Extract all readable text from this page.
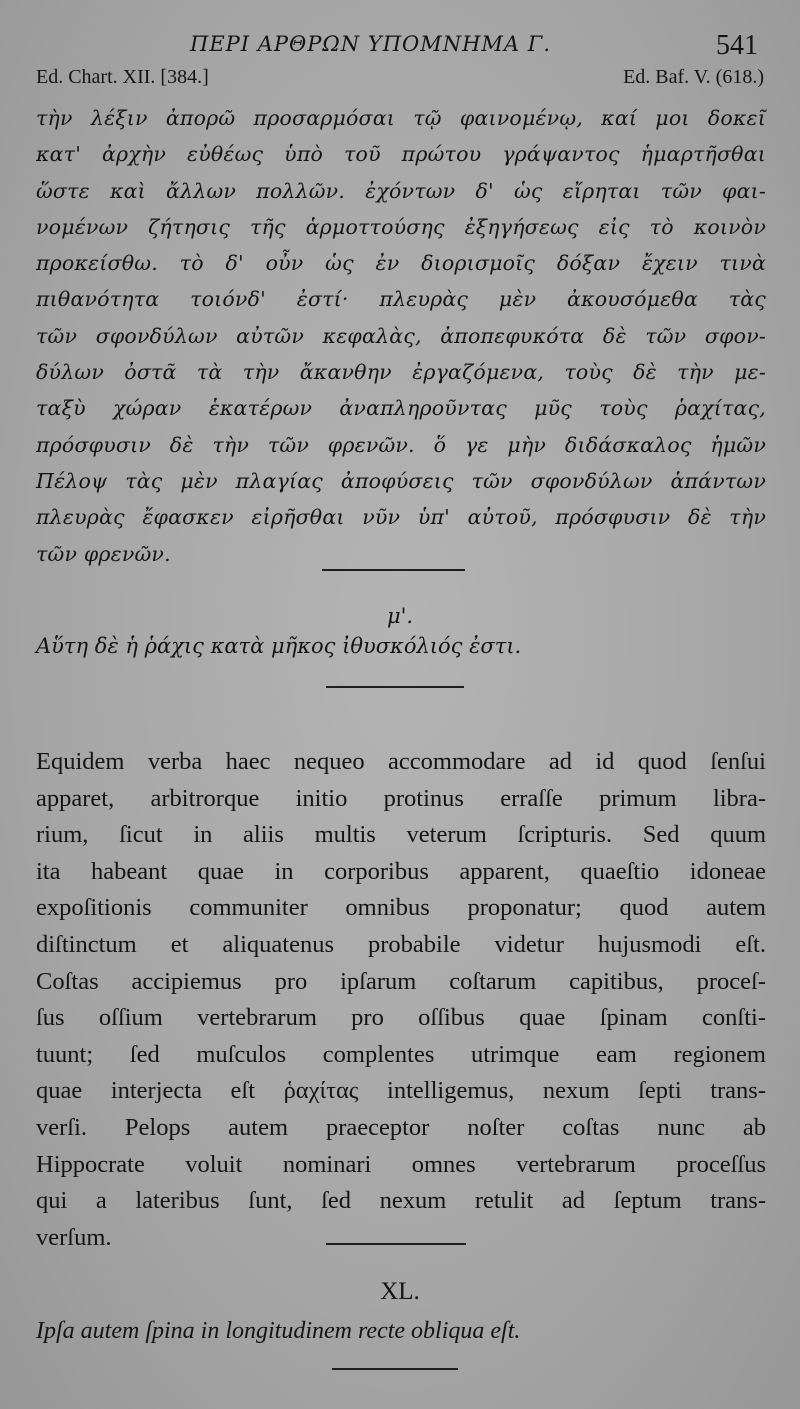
ΠΕΡΙ ΑΡΘΡΩΝ ΥΠΟΜΝΗΜΑ Γ.	541
Ed. Chart. XII. [384.]	Ed. Baf. V. (618.)
τὴν λέξιν ἀπορῶ προσαρμόσαι τῷ φαινομένῳ, καί μοι δοκεῖ
κατ' ἀρχὴν εὐθέως ὑπὸ τοῦ πρώτου γράψαντος ἡμαρτῆσθαι
ὥστε καὶ ἄλλων πολλῶν. ἐχόντων δ' ὡς εἴρηται τῶν φαι-
νομένων ζήτησις τῆς ἁρμοττούσης ἐξηγήσεως εἰς τὸ κοινὸν
προκείσθω. τὸ δ' οὖν ὡς ἐν διορισμοῖς δόξαν ἔχειν τινὰ
πιθανότητα τοιόνδ' ἐστί· πλευρὰς μὲν ἀκουσόμεθα τὰς
τῶν σφονδύλων αὐτῶν κεφαλὰς, ἀποπεφυκότα δὲ τῶν σφον-
δύλων ὀστᾶ τὰ τὴν ἄκανθην ἐργαζόμενα, τοὺς δὲ τὴν με-
ταξὺ χώραν ἑκατέρων ἀναπληροῦντας μῦς τοὺς ῥαχίτας,
πρόσφυσιν δὲ τὴν τῶν φρενῶν. ὅ γε μὴν διδάσκαλος ἡμῶν
Πέλοψ τὰς μὲν πλαγίας ἀποφύσεις τῶν σφονδύλων ἁπάντων
πλευρὰς ἔφασκεν εἰρῆσθαι νῦν ὑπ' αὐτοῦ, πρόσφυσιν δὲ τὴν
τῶν φρενῶν.
μ'.
Αὕτη δὲ ἡ ῥάχις κατὰ μῆκος ἰθυσκόλιός ἐστι.
Equidem verba haec nequeo accommodare ad id quod ſenſui
apparet, arbitrorque initio protinus erraſſe primum libra-
rium, ſicut in aliis multis veterum ſcripturis. Sed quum
ita habeant quae in corporibus apparent, quaeſtio idoneae
expoſitionis communiter omnibus proponatur; quod autem
diſtinctum et aliquatenus probabile videtur hujusmodi eſt.
Coſtas accipiemus pro ipſarum coſtarum capitibus, proceſ-
ſus oſſium vertebrarum pro oſſibus quae ſpinam conſti-
tuunt; ſed muſculos complentes utrimque eam regionem
quae interjecta eſt ῥαχίτας intelligemus, nexum ſepti trans-
verſi. Pelops autem praeceptor noſter coſtas nunc ab
Hippocrate voluit nominari omnes vertebrarum proceſſus
qui a lateribus ſunt, ſed nexum retulit ad ſeptum trans-
verſum.
XL.
Ipſa autem ſpina in longitudinem recte obliqua eſt.
